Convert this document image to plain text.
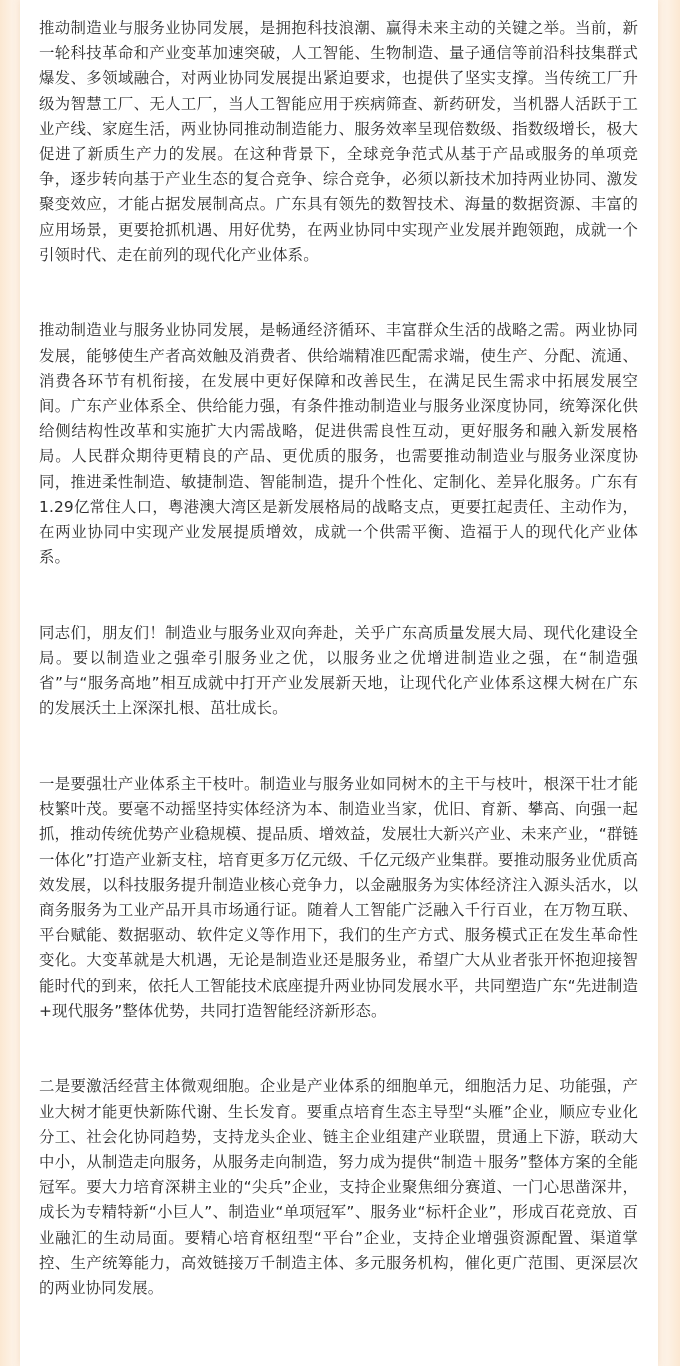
推动制造业与服务业协同发展，是拥抱科技浪潮、赢得未来主动的关键之举。当前，新一轮科技革命和产业变革加速突破，人工智能、生物制造、量子通信等前沿科技集群式爆发、多领域融合，对两业协同发展提出紧迫要求，也提供了坚实支撑。当传统工厂升级为智慧工厂、无人工厂，当人工智能应用于疾病筛查、新药研发，当机器人活跃于工业产线、家庭生活，两业协同推动制造能力、服务效率呈现倍数级、指数级增长，极大促进了新质生产力的发展。在这种背景下，全球竞争范式从基于产品或服务的单项竞争，逐步转向基于产业生态的复合竞争、综合竞争，必须以新技术加持两业协同、激发聚变效应，才能占据发展制高点。广东具有领先的数智技术、海量的数据资源、丰富的应用场景，更要抢抓机遇、用好优势，在两业协同中实现产业发展并跑领跑，成就一个引领时代、走在前列的现代化产业体系。

推动制造业与服务业协同发展，是畅通经济循环、丰富群众生活的战略之需。两业协同发展，能够使生产者高效触及消费者、供给端精准匹配需求端，使生产、分配、流通、消费各环节有机衔接，在发展中更好保障和改善民生，在满足民生需求中拓展发展空间。广东产业体系全、供给能力强，有条件推动制造业与服务业深度协同，统筹深化供给侧结构性改革和实施扩大内需战略，促进供需良性互动，更好服务和融入新发展格局。人民群众期待更精良的产品、更优质的服务，也需要推动制造业与服务业深度协同，推进柔性制造、敏捷制造、智能制造，提升个性化、定制化、差异化服务。广东有1.29亿常住人口，粤港澳大湾区是新发展格局的战略支点，更要扛起责任、主动作为，在两业协同中实现产业发展提质增效，成就一个供需平衡、造福于人的现代化产业体系。

同志们，朋友们！制造业与服务业双向奔赴，关乎广东高质量发展大局、现代化建设全局。要以制造业之强牵引服务业之优，以服务业之优增进制造业之强，在“制造强省”与“服务高地”相互成就中打开产业发展新天地，让现代化产业体系这棵大树在广东的发展沃土上深深扎根、茁壮成长。

一是要强壮产业体系主干枝叶。制造业与服务业如同树木的主干与枝叶，根深干壮才能枝繁叶茂。要毫不动摇坚持实体经济为本、制造业当家，优旧、育新、攀高、向强一起抓，推动传统优势产业稳规模、提品质、增效益，发展壮大新兴产业、未来产业，“群链一体化”打造产业新支柱，培育更多万亿元级、千亿元级产业集群。要推动服务业优质高效发展，以科技服务提升制造业核心竞争力，以金融服务为实体经济注入源头活水，以商务服务为工业产品开具市场通行证。随着人工智能广泛融入千行百业，在万物互联、平台赋能、数据驱动、软件定义等作用下，我们的生产方式、服务模式正在发生革命性变化。大变革就是大机遇，无论是制造业还是服务业，希望广大从业者张开怀抱迎接智能时代的到来，依托人工智能技术底座提升两业协同发展水平，共同塑造广东“先进制造+现代服务”整体优势，共同打造智能经济新形态。

二是要激活经营主体微观细胞。企业是产业体系的细胞单元，细胞活力足、功能强，产业大树才能更快新陈代谢、生长发育。要重点培育生态主导型“头雁”企业，顺应专业化分工、社会化协同趋势，支持龙头企业、链主企业组建产业联盟，贯通上下游，联动大中小，从制造走向服务，从服务走向制造，努力成为提供“制造＋服务”整体方案的全能冠军。要大力培育深耕主业的“尖兵”企业，支持企业聚焦细分赛道、一门心思凿深井，成长为专精特新“小巨人”、制造业“单项冠军”、服务业“标杆企业”，形成百花竞放、百业融汇的生动局面。要精心培育枢纽型“平台”企业，支持企业增强资源配置、渠道掌控、生产统筹能力，高效链接万千制造主体、多元服务机构，催化更广范围、更深层次的两业协同发展。
